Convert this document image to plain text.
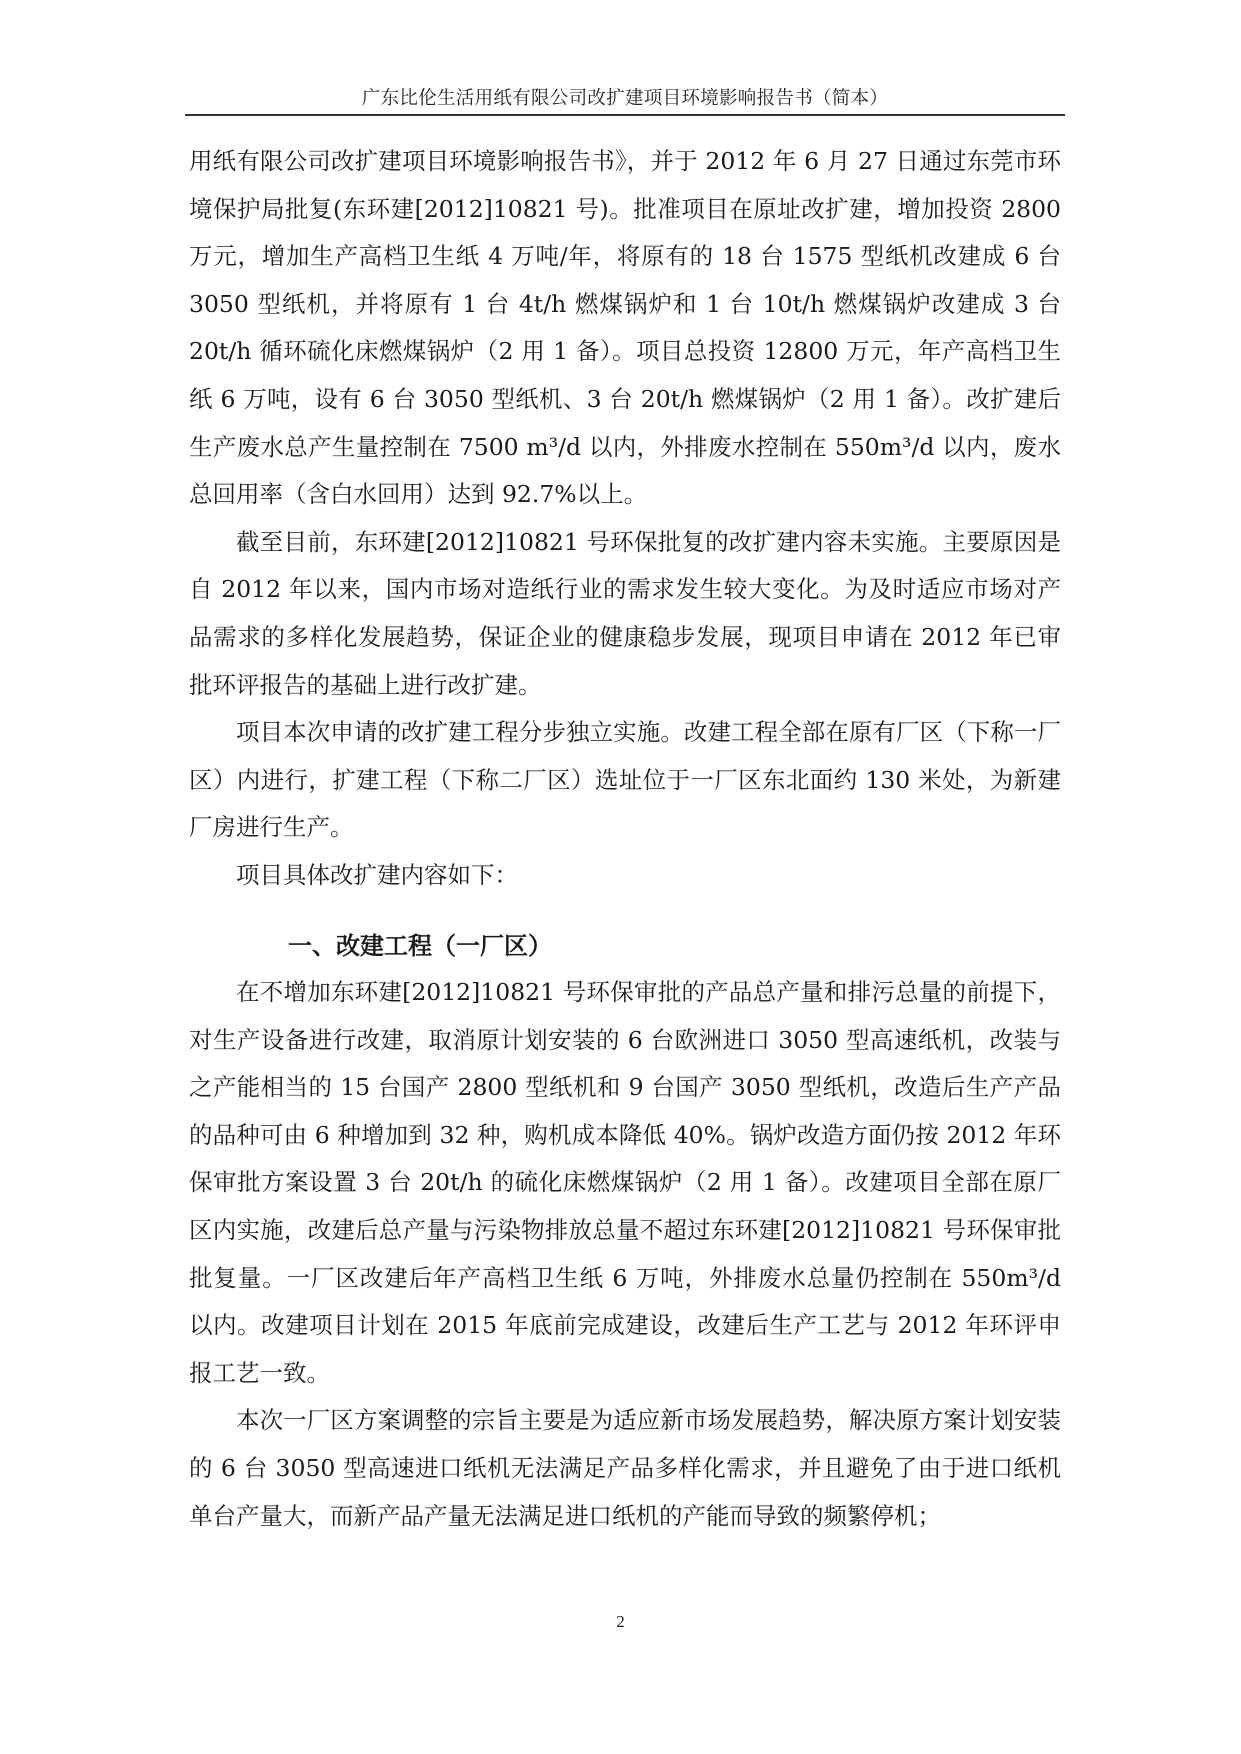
广东比伦生活用纸有限公司改扩建项目环境影响报告书（简本）

用纸有限公司改扩建项目环境影响报告书》，并于 2012 年 6 月 27 日通过东莞市环境保护局批复(东环建[2012]10821 号)。批准项目在原址改扩建，增加投资 2800 万元，增加生产高档卫生纸 4 万吨/年，将原有的 18 台 1575 型纸机改建成 6 台 3050 型纸机，并将原有 1 台 4t/h 燃煤锅炉和 1 台 10t/h 燃煤锅炉改建成 3 台 20t/h 循环硫化床燃煤锅炉（2 用 1 备）。项目总投资 12800 万元，年产高档卫生纸 6 万吨，设有 6 台 3050 型纸机、3 台 20t/h 燃煤锅炉（2 用 1 备）。改扩建后生产废水总产生量控制在 7500 m³/d 以内，外排废水控制在 550m³/d 以内，废水总回用率（含白水回用）达到 92.7%以上。

截至目前，东环建[2012]10821 号环保批复的改扩建内容未实施。主要原因是自 2012 年以来，国内市场对造纸行业的需求发生较大变化。为及时适应市场对产品需求的多样化发展趋势，保证企业的健康稳步发展，现项目申请在 2012 年已审批环评报告的基础上进行改扩建。

项目本次申请的改扩建工程分步独立实施。改建工程全部在原有厂区（下称一厂区）内进行，扩建工程（下称二厂区）选址位于一厂区东北面约 130 米处，为新建厂房进行生产。

项目具体改扩建内容如下：

一、改建工程（一厂区）

在不增加东环建[2012]10821 号环保审批的产品总产量和排污总量的前提下，对生产设备进行改建，取消原计划安装的 6 台欧洲进口 3050 型高速纸机，改装与之产能相当的 15 台国产 2800 型纸机和 9 台国产 3050 型纸机，改造后生产产品的品种可由 6 种增加到 32 种，购机成本降低 40%。锅炉改造方面仍按 2012 年环保审批方案设置 3 台 20t/h 的硫化床燃煤锅炉（2 用 1 备）。改建项目全部在原厂区内实施，改建后总产量与污染物排放总量不超过东环建[2012]10821 号环保审批批复量。一厂区改建后年产高档卫生纸 6 万吨，外排废水总量仍控制在 550m³/d 以内。改建项目计划在 2015 年底前完成建设，改建后生产工艺与 2012 年环评申报工艺一致。

本次一厂区方案调整的宗旨主要是为适应新市场发展趋势，解决原方案计划安装的 6 台 3050 型高速进口纸机无法满足产品多样化需求，并且避免了由于进口纸机单台产量大，而新产品产量无法满足进口纸机的产能而导致的频繁停机；

2
